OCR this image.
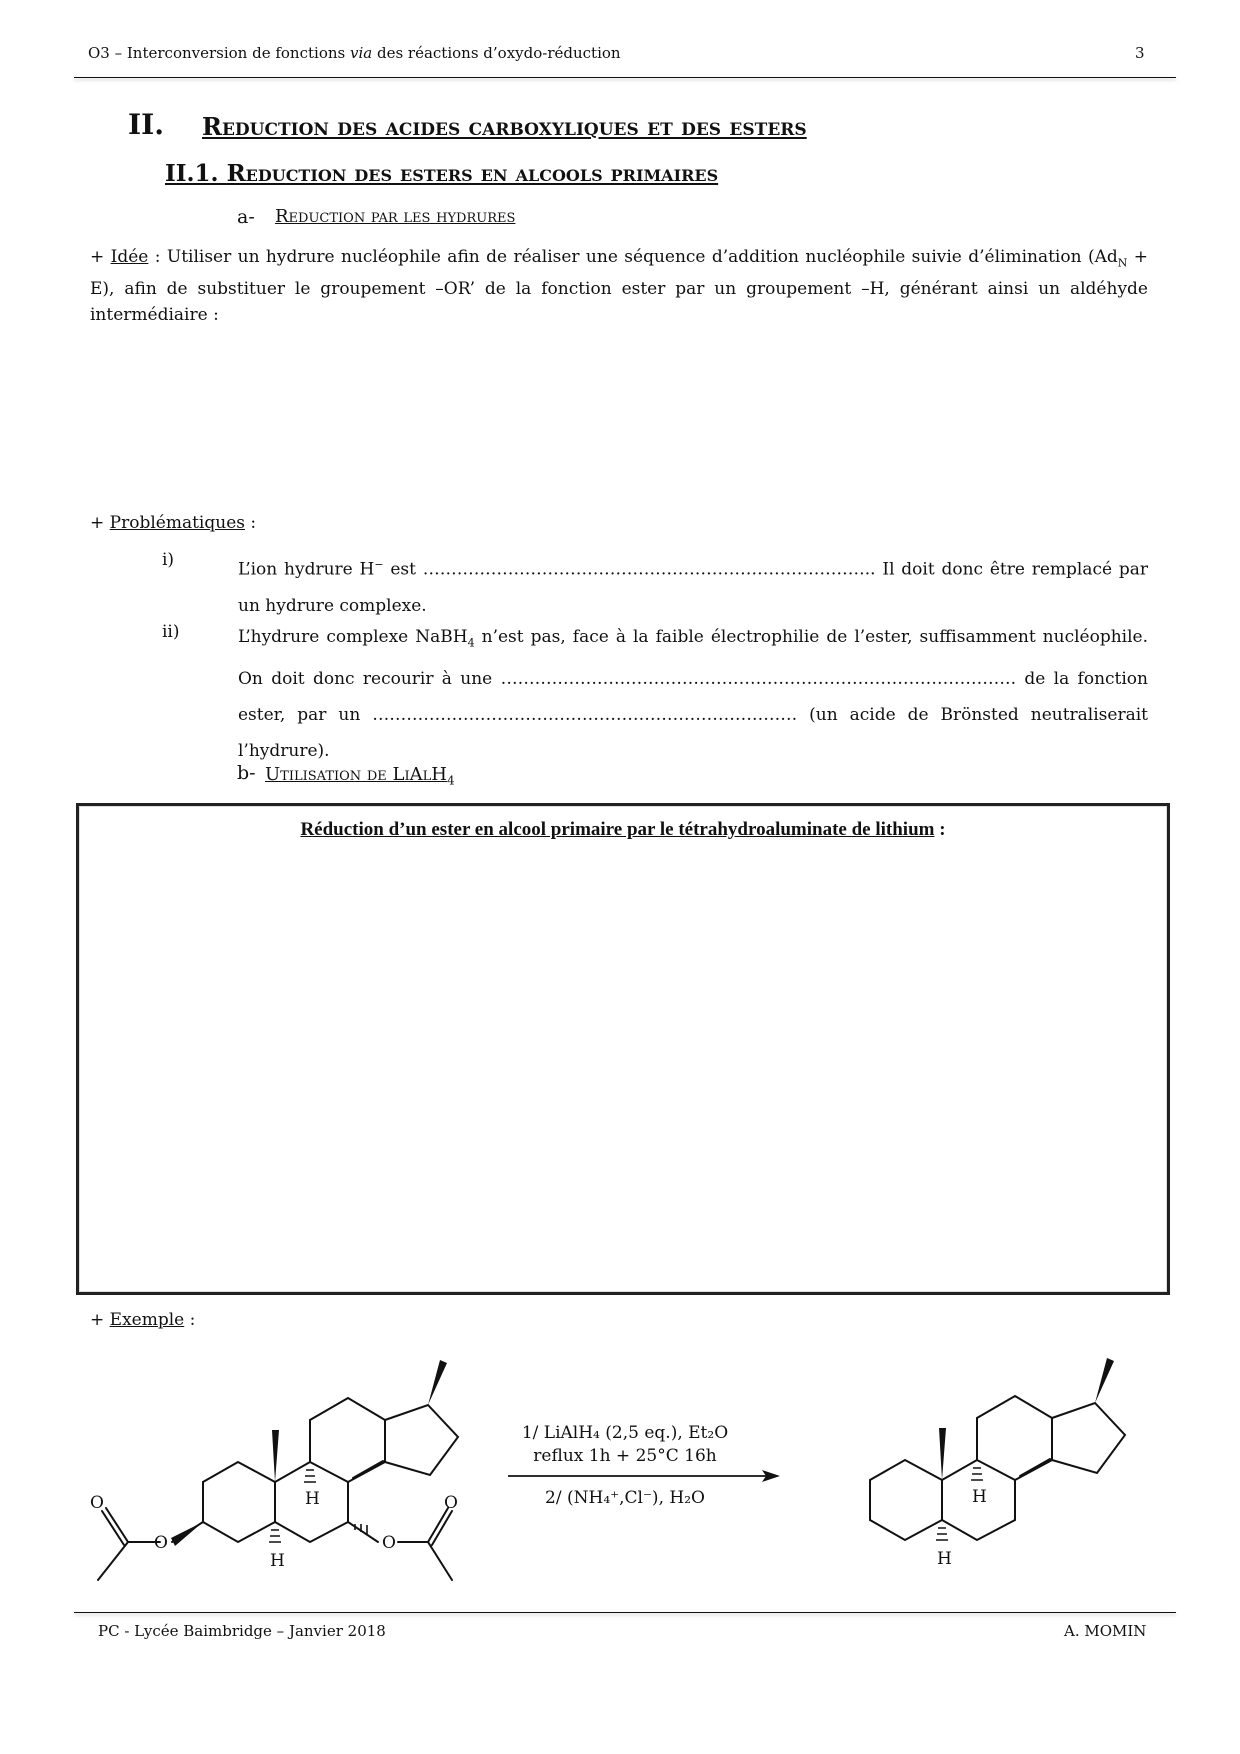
O3 – Interconversion de fonctions via des réactions d’oxydo-réduction	3
II. Reduction des acides carboxyliques et des esters
II.1. Reduction des esters en alcools primaires
a- Reduction par les hydrures
+ Idée : Utiliser un hydrure nucléophile afin de réaliser une séquence d’addition nucléophile suivie d’élimination $(Ad_N + E)$, afin de substituer le groupement –OR’ de la fonction ester par un groupement –H, générant ainsi un aldéhyde intermédiaire :
+ Problématiques :
i)	L’ion hydrure H− est …………………………………………………………………….. Il doit donc être remplacé par un hydrure complexe.
ii)	L’hydrure complexe NaBH$_4$ n’est pas, face à la faible électrophilie de l’ester, suffisamment nucléophile. On doit donc recourir à une ………………………………………………………………………………. de la fonction ester, par un ………………………………………………………………… (un acide de Brönsted neutraliserait l’hydrure).
b- Utilisation de LiAlH$_4$
Réduction d’un ester en alcool primaire par le tétrahydroaluminate de lithium :
+ Exemple :
H
H
O
O
O
O
1/ LiAlH₄ (2,5 eq.), Et₂O
reflux 1h + 25°C 16h
2/ (NH₄⁺,Cl⁻), H₂O	H
H
PC - Lycée Baimbridge – Janvier 2018	A. MOMIN
